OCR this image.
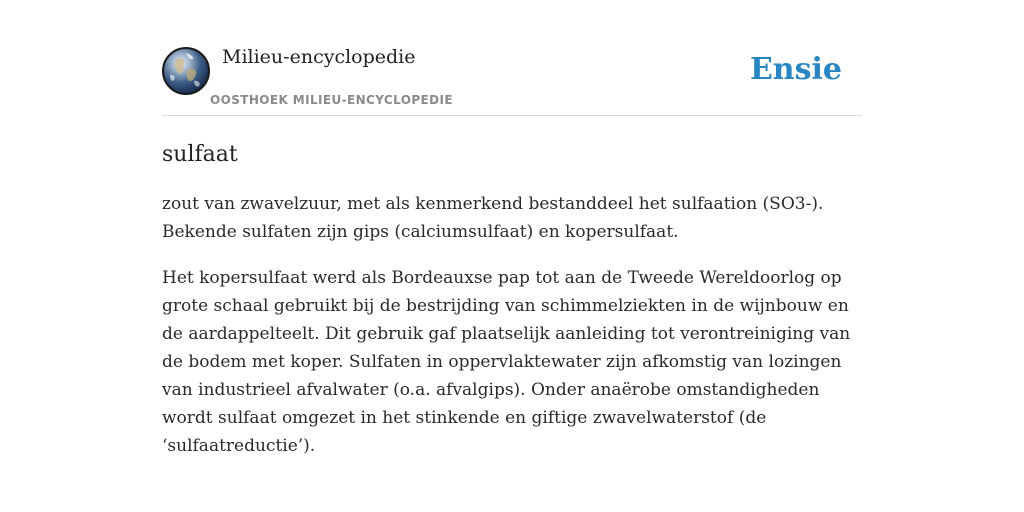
Milieu-encyclopedie
OOSTHOEK MILIEU-ENCYCLOPEDIE
Ensie
sulfaat

zout van zwavelzuur, met als kenmerkend bestanddeel het sulfaation (SO3-). Bekende sulfaten zijn gips (calciumsulfaat) en kopersulfaat.

Het kopersulfaat werd als Bordeauxse pap tot aan de Tweede Wereldoorlog op grote schaal gebruikt bij de bestrijding van schimmelziekten in de wijnbouw en de aardappelteelt. Dit gebruik gaf plaatselijk aanleiding tot verontreiniging van de bodem met koper. Sulfaten in oppervlaktewater zijn afkomstig van lozingen van industrieel afvalwater (o.a. afvalgips). Onder anaërobe omstandigheden wordt sulfaat omgezet in het stinkende en giftige zwavelwaterstof (de ‘sulfaatreductie’).
